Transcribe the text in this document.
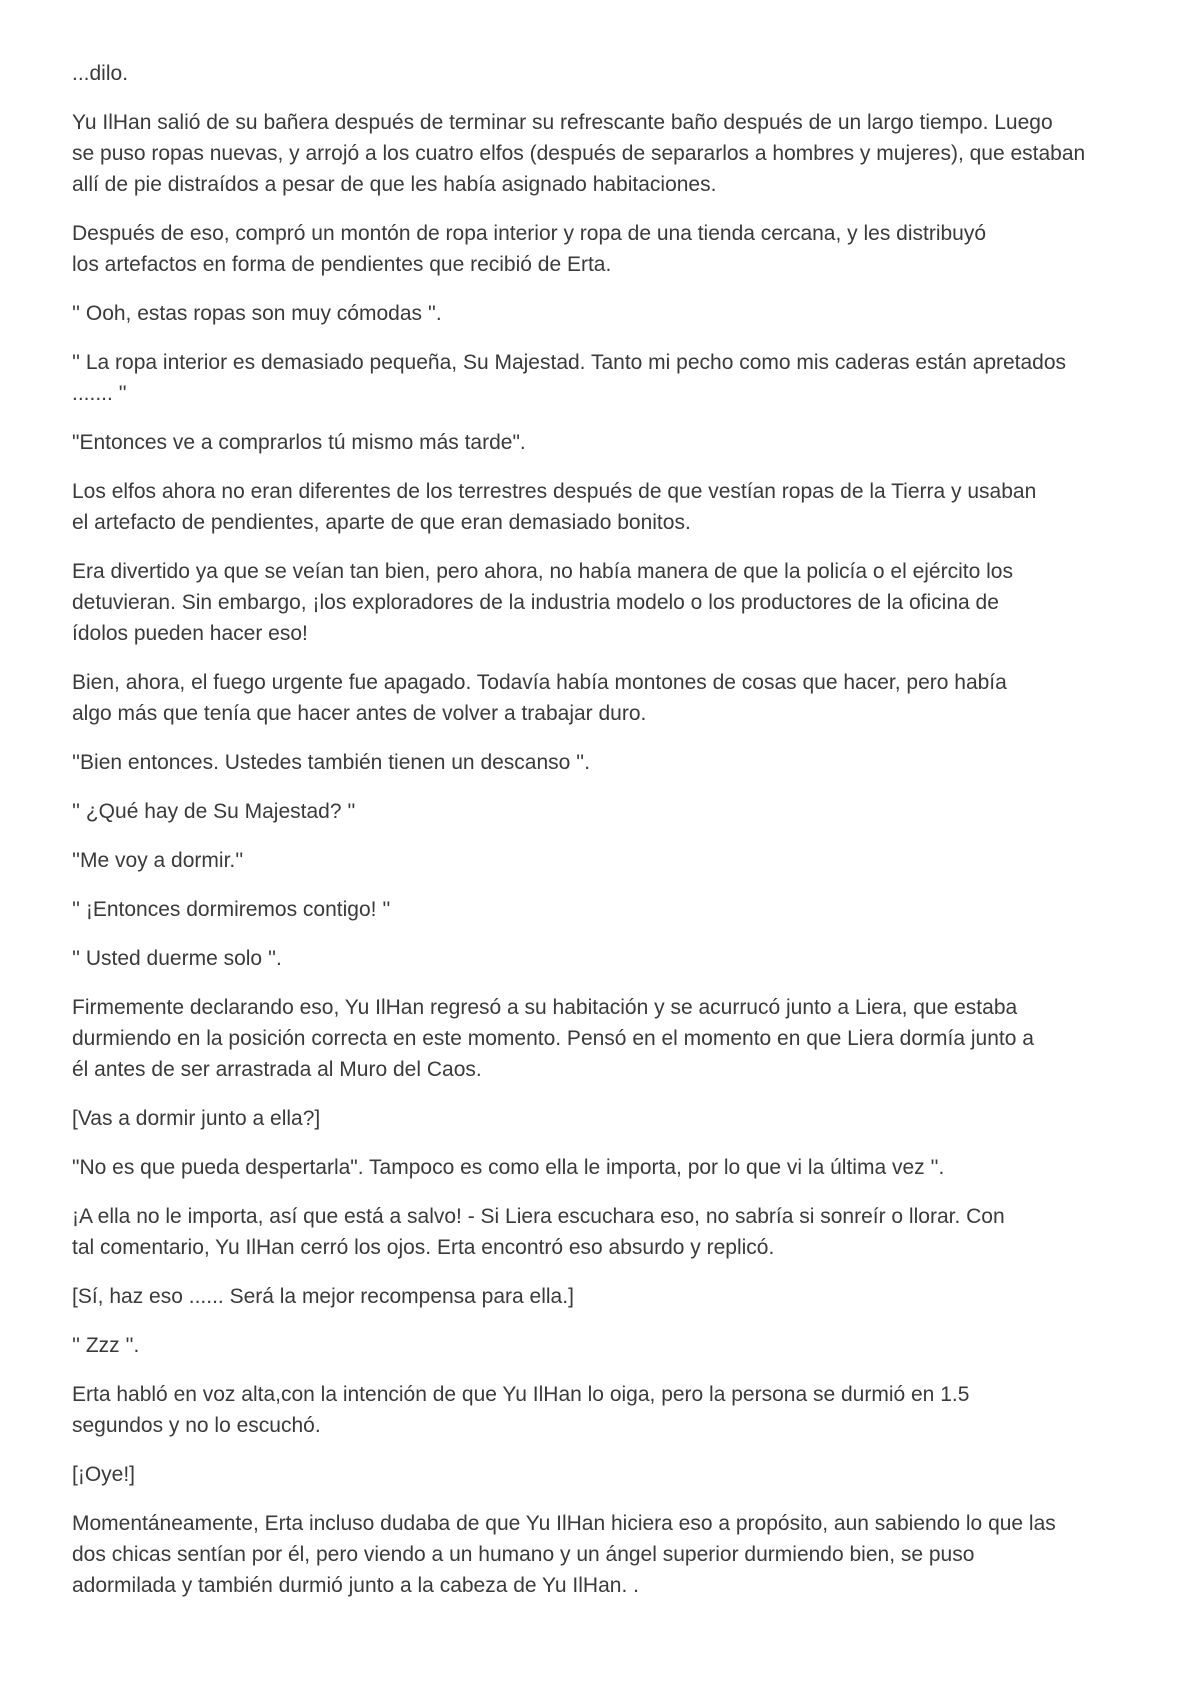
...dilo.

Yu IlHan salió de su bañera después de terminar su refrescante baño después de un largo tiempo. Luego
se puso ropas nuevas, y arrojó a los cuatro elfos (después de separarlos a hombres y mujeres), que estaban
allí de pie distraídos a pesar de que les había asignado habitaciones.

Después de eso, compró un montón de ropa interior y ropa de una tienda cercana, y les distribuyó
los artefactos en forma de pendientes que recibió de Erta.

'' Ooh, estas ropas son muy cómodas ''.

'' La ropa interior es demasiado pequeña, Su Majestad. Tanto mi pecho como mis caderas están apretados
....... ''

"Entonces ve a comprarlos tú mismo más tarde".

Los elfos ahora no eran diferentes de los terrestres después de que vestían ropas de la Tierra y usaban
el artefacto de pendientes, aparte de que eran demasiado bonitos.

Era divertido ya que se veían tan bien, pero ahora, no había manera de que la policía o el ejército los
detuvieran. Sin embargo, ¡los exploradores de la industria modelo o los productores de la oficina de
ídolos pueden hacer eso!

Bien, ahora, el fuego urgente fue apagado. Todavía había montones de cosas que hacer, pero había
algo más que tenía que hacer antes de volver a trabajar duro.

''Bien entonces. Ustedes también tienen un descanso ''.

'' ¿Qué hay de Su Majestad? ''

''Me voy a dormir.''

'' ¡Entonces dormiremos contigo! ''

'' Usted duerme solo ''.

Firmemente declarando eso, Yu IlHan regresó a su habitación y se acurrucó junto a Liera, que estaba
durmiendo en la posición correcta en este momento. Pensó en el momento en que Liera dormía junto a
él antes de ser arrastrada al Muro del Caos.

[Vas a dormir junto a ella?]

"No es que pueda despertarla". Tampoco es como ella le importa, por lo que vi la última vez ''.

¡A ella no le importa, así que está a salvo! - Si Liera escuchara eso, no sabría si sonreír o llorar. Con
tal comentario, Yu IlHan cerró los ojos. Erta encontró eso absurdo y replicó.

[Sí, haz eso ...... Será la mejor recompensa para ella.]

'' Zzz ''.

Erta habló en voz alta,con la intención de que Yu IlHan lo oiga, pero la persona se durmió en 1.5
segundos y no lo escuchó.

[¡Oye!]

Momentáneamente, Erta incluso dudaba de que Yu IlHan hiciera eso a propósito, aun sabiendo lo que las
dos chicas sentían por él, pero viendo a un humano y un ángel superior durmiendo bien, se puso
adormilada y también durmió junto a la cabeza de Yu IlHan. .
